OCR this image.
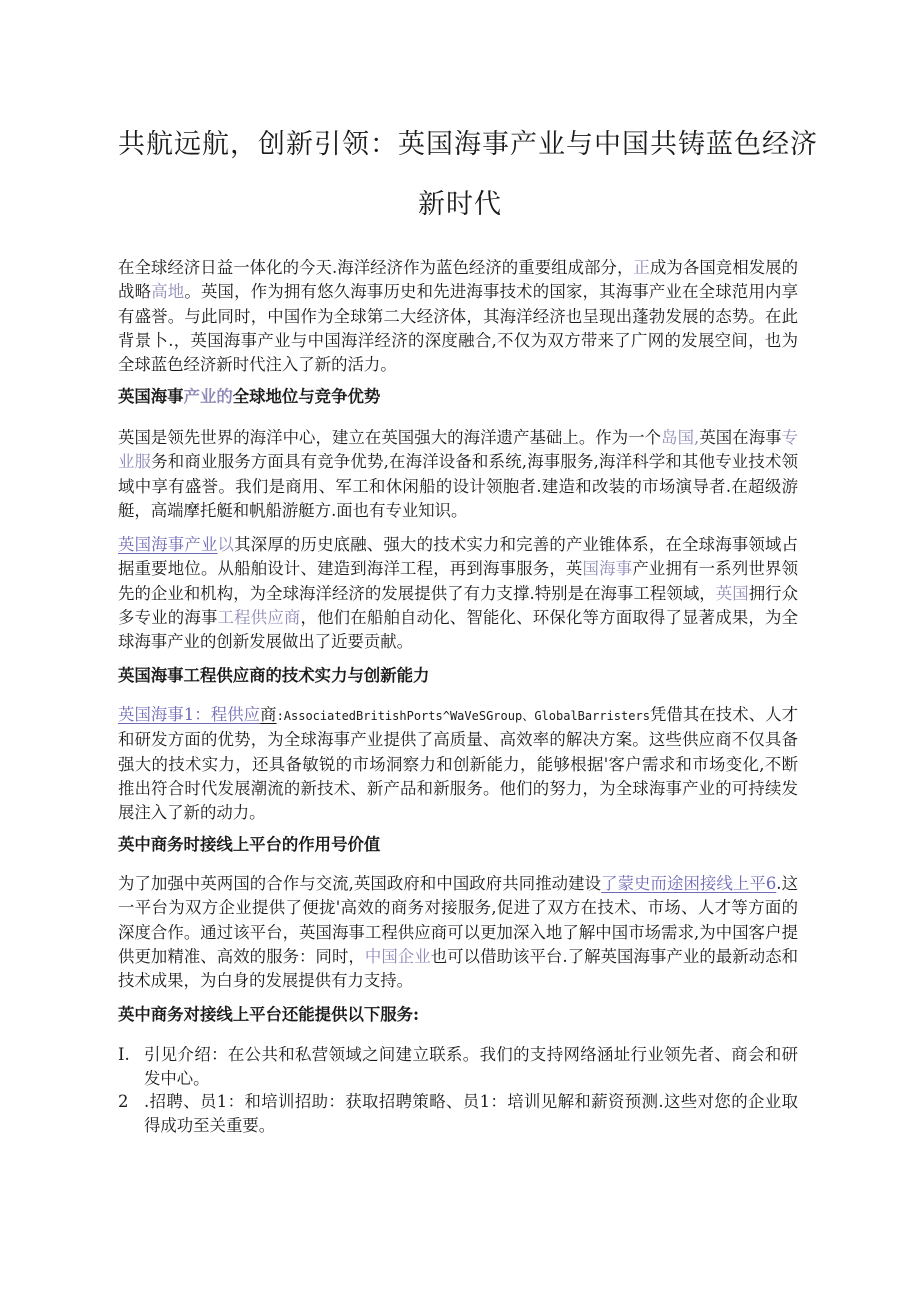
共航远航，创新引领：英国海事产业与中国共铸蓝色经济
新时代

在全球经济日益一体化的今天.海洋经济作为蓝色经济的重要组成部分，正成为各国竞相发展的战略高地。英国，作为拥有悠久海事历史和先进海事技术的国家，其海事产业在全球范用内享有盛誉。与此同时，中国作为全球第二大经济体，其海洋经济也呈现出蓬勃发展的态势。在此背景卜.，英国海事产业与中国海洋经济的深度融合,不仅为双方带来了广网的发展空间，也为全球蓝色经济新时代注入了新的活力。

英国海事产业的全球地位与竞争优势

英国是领先世界的海洋中心，建立在英国强大的海洋遗产基础上。作为一个岛国,英国在海事专业服务和商业服务方面具有竞争优势,在海洋设备和系统,海事服务,海洋科学和其他专业技术领域中享有盛誉。我们是商用、军工和休闲船的设计领胞者.建造和改装的市场演导者.在超级游艇，高端摩托艇和帆船游艇方.面也有专业知识。

英国海事产业以其深厚的历史底融、强大的技术实力和完善的产业锥体系，在全球海事领域占据重要地位。从船舶设计、建造到海洋工程，再到海事服务，英国海事产业拥有一系列世界领先的企业和机构，为全球海洋经济的发展提供了有力支撑.特别是在海事工程领域，英国拥行众多专业的海事工程供应商，他们在船舶自动化、智能化、环保化等方面取得了显著成果，为全球海事产业的创新发展做出了近要贡献。

英国海事工程供应商的技术实力与创新能力

英国海事1：程供应商:AssociatedBritishPorts^WaVeSGroup、GlobalBarristers凭借其在技术、人才和研发方面的优势，为全球海事产业提供了高质量、高效率的解决方案。这些供应商不仅具备强大的技术实力，还具备敏锐的市场洞察力和创新能力，能够根据'客户需求和市场变化,不断推出符合时代发展潮流的新技术、新产品和新服务。他们的努力，为全球海事产业的可持续发展注入了新的动力。

英中商务时接线上平台的作用号价值

为了加强中英两国的合作与交流,英国政府和中国政府共同推动建设了蒙史而途困接线上平6.这一平台为双方企业提供了便拢'高效的商务对接服务,促进了双方在技术、市场、人才等方面的深度合作。通过该平台，英国海事工程供应商可以更加深入地了解中国市场需求,为中国客户提供更加精准、高效的服务：同时，中国企业也可以借助该平台.了解英国海事产业的最新动态和技术成果，为白身的发展提供有力支持。

英中商务对接线上平台还能提供以下服务:
I. 引见介绍：在公共和私营领域之间建立联系。我们的支持网络涵址行业领先者、商会和研发中心。
2 .招聘、员1：和培训招助：获取招聘策略、员1：培训见解和薪资预测.这些对您的企业取得成功至关重要。
